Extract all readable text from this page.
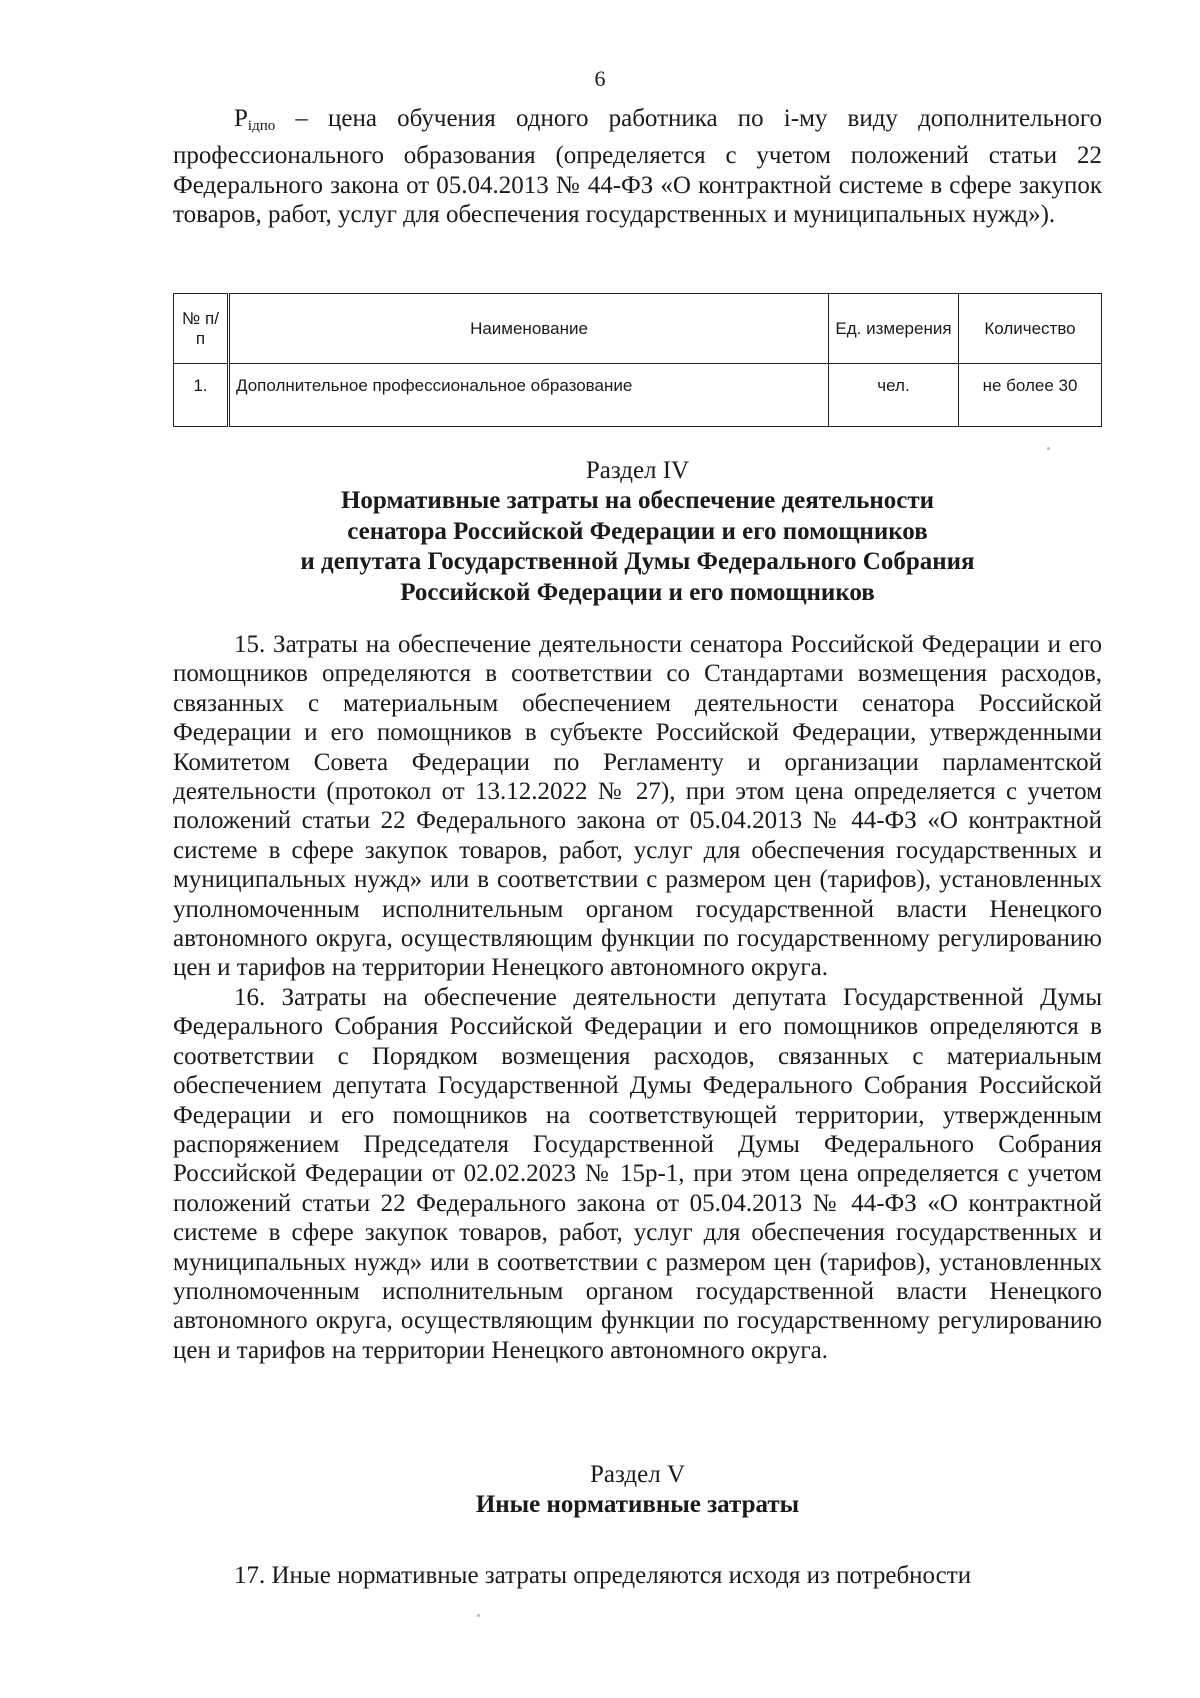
6

$P_{iдпо}$ – цена обучения одного работника по i-му виду дополнительного профессионального образования (определяется с учетом положений статьи 22 Федерального закона от 05.04.2013 № 44-ФЗ «О контрактной системе в сфере закупок товаров, работ, услуг для обеспечения государственных и муниципальных нужд»).

№ п/п	Наименование	Ед. измерения	Количество
1.	Дополнительное профессиональное образование	чел.	не более 30

Раздел IV

Нормативные затраты на обеспечение деятельности

сенатора Российской Федерации и его помощников

и депутата Государственной Думы Федерального Собрания

Российской Федерации и его помощников

15. Затраты на обеспечение деятельности сенатора Российской Федерации и его помощников определяются в соответствии со Стандартами возмещения расходов, связанных с материальным обеспечением деятельности сенатора Российской Федерации и его помощников в субъекте Российской Федерации, утвержденными Комитетом Совета Федерации по Регламенту и организации парламентской деятельности (протокол от 13.12.2022 № 27), при этом цена определяется с учетом положений статьи 22 Федерального закона от 05.04.2013 № 44-ФЗ «О контрактной системе в сфере закупок товаров, работ, услуг для обеспечения государственных и муниципальных нужд» или в соответствии с размером цен (тарифов), установленных уполномоченным исполнительным органом государственной власти Ненецкого автономного округа, осуществляющим функции по государственному регулированию цен и тарифов на территории Ненецкого автономного округа.

16. Затраты на обеспечение деятельности депутата Государственной Думы Федерального Собрания Российской Федерации и его помощников определяются в соответствии с Порядком возмещения расходов, связанных с материальным обеспечением депутата Государственной Думы Федерального Собрания Российской Федерации и его помощников на соответствующей территории, утвержденным распоряжением Председателя Государственной Думы Федерального Собрания Российской Федерации от 02.02.2023 № 15р-1, при этом цена определяется с учетом положений статьи 22 Федерального закона от 05.04.2013 № 44-ФЗ «О контрактной системе в сфере закупок товаров, работ, услуг для обеспечения государственных и муниципальных нужд» или в соответствии с размером цен (тарифов), установленных уполномоченным исполнительным органом государственной власти Ненецкого автономного округа, осуществляющим функции по государственному регулированию цен и тарифов на территории Ненецкого автономного округа.

Раздел V

Иные нормативные затраты

17. Иные нормативные затраты определяются исходя из потребности
